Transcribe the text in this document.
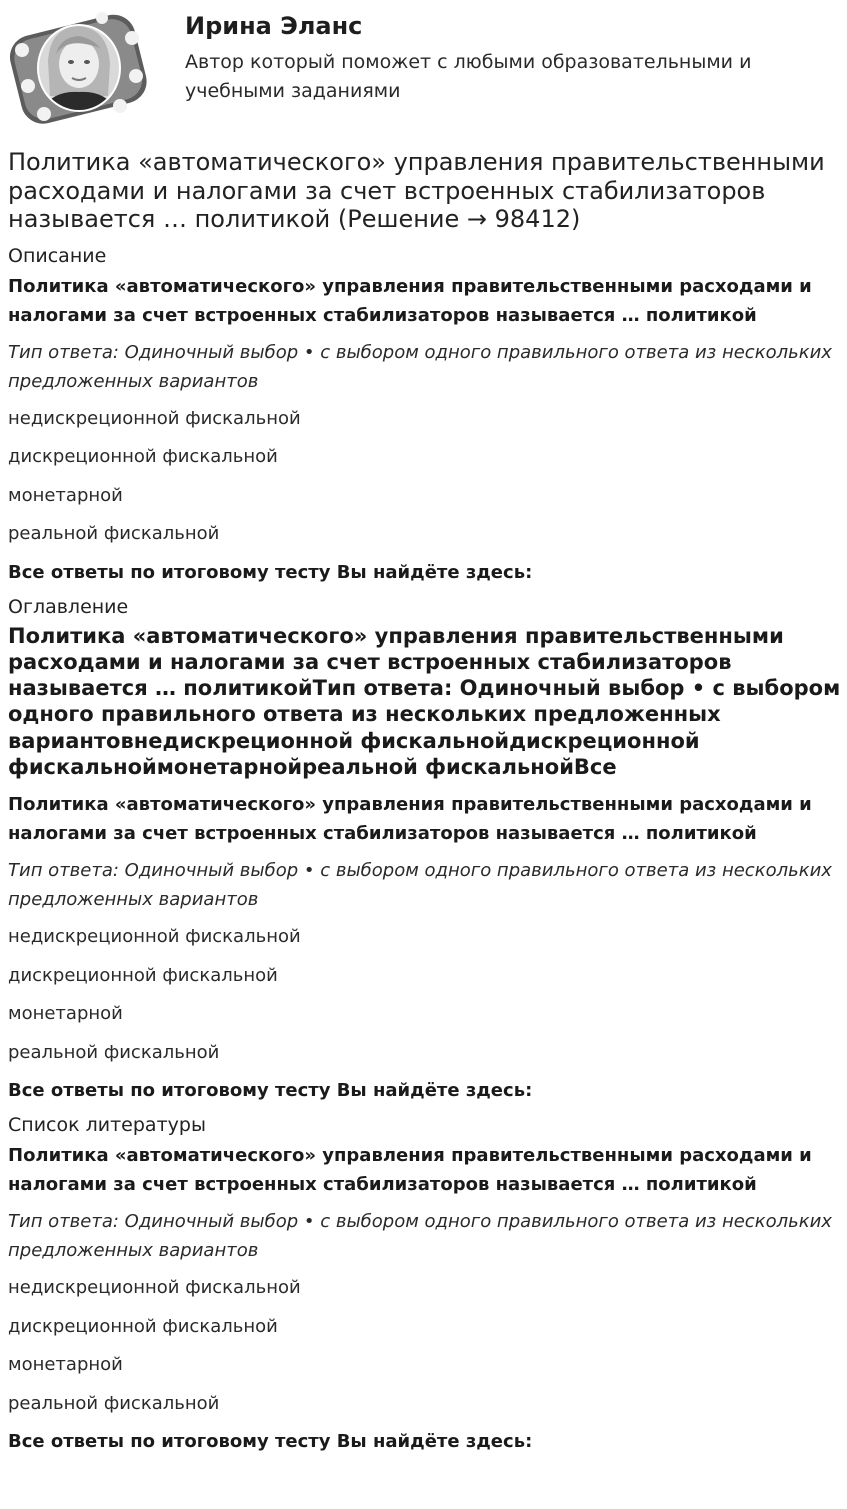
Ирина Эланс
Автор который поможет с любыми образовательными и учебными заданиями
Политика «автоматического» управления правительственными расходами и налогами за счет встроенных стабилизаторов называется … политикой (Решение → 98412)
Описание
Политика «автоматического» управления правительственными расходами и налогами за счет встроенных стабилизаторов называется … политикой
Тип ответа: Одиночный выбор • с выбором одного правильного ответа из нескольких предложенных вариантов
недискреционной фискальной
дискреционной фискальной
монетарной
реальной фискальной
Все ответы по итоговому тесту Вы найдёте здесь:
Оглавление
Политика «автоматического» управления правительственными расходами и налогами за счет встроенных стабилизаторов называется … политикойТип ответа: Одиночный выбор • с выбором одного правильного ответа из нескольких предложенных вариантовнедискреционной фискальнойдискреционной фискальноймонетарнойреальной фискальнойВсе
Политика «автоматического» управления правительственными расходами и налогами за счет встроенных стабилизаторов называется … политикой
Тип ответа: Одиночный выбор • с выбором одного правильного ответа из нескольких предложенных вариантов
недискреционной фискальной
дискреционной фискальной
монетарной
реальной фискальной
Все ответы по итоговому тесту Вы найдёте здесь:
Список литературы
Политика «автоматического» управления правительственными расходами и налогами за счет встроенных стабилизаторов называется … политикой
Тип ответа: Одиночный выбор • с выбором одного правильного ответа из нескольких предложенных вариантов
недискреционной фискальной
дискреционной фискальной
монетарной
реальной фискальной
Все ответы по итоговому тесту Вы найдёте здесь:
